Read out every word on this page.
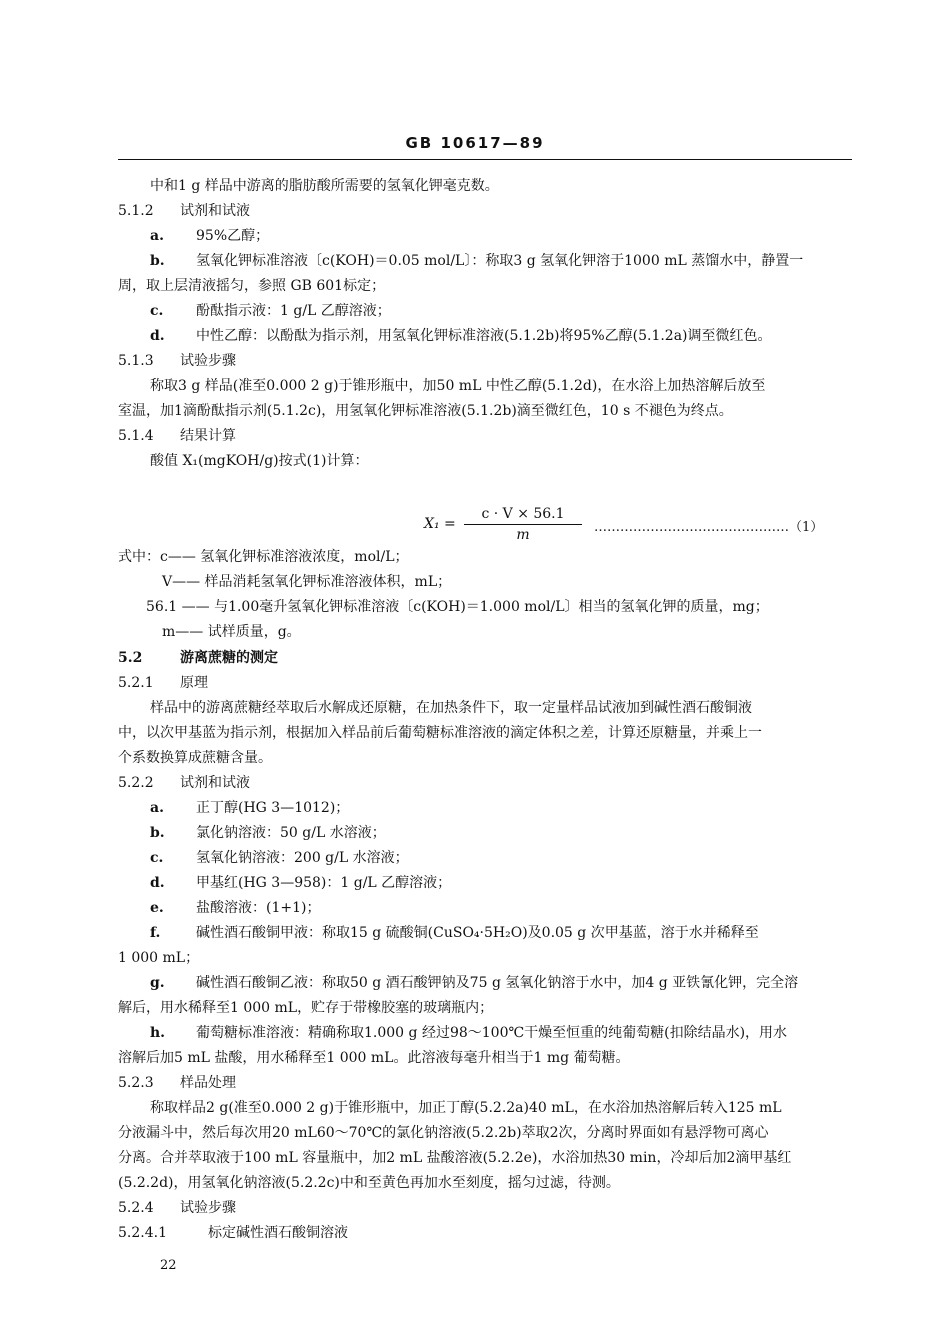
GB 10617—89
中和1 g 样品中游离的脂肪酸所需要的氢氧化钾毫克数。
5.1.2 试剂和试液
a. 95%乙醇；
b. 氢氧化钾标准溶液〔c(KOH)＝0.05 mol/L〕：称取3 g 氢氧化钾溶于1000 mL 蒸馏水中，静置一
周，取上层清液摇匀，参照 GB 601标定；
c. 酚酞指示液：1 g/L 乙醇溶液；
d. 中性乙醇：以酚酞为指示剂，用氢氧化钾标准溶液(5.1.2b)将95%乙醇(5.1.2a)调至微红色。
5.1.3 试验步骤
称取3 g 样品(准至0.000 2 g)于锥形瓶中，加50 mL 中性乙醇(5.1.2d)，在水浴上加热溶解后放至
室温，加1滴酚酞指示剂(5.1.2c)，用氢氧化钾标准溶液(5.1.2b)滴至微红色，10 s 不褪色为终点。
5.1.4 结果计算
酸值 X₁(mgKOH/g)按式(1)计算：
X₁ =
c · V × 56.1
m	………………………………………（1）
式中：c—— 氢氧化钾标准溶液浓度，mol/L；
V—— 样品消耗氢氧化钾标准溶液体积，mL；
56.1 —— 与1.00毫升氢氧化钾标准溶液〔c(KOH)＝1.000 mol/L〕相当的氢氧化钾的质量，mg；
m—— 试样质量，g。
5.2	游离蔗糖的测定
5.2.1 原理
样品中的游离蔗糖经萃取后水解成还原糖，在加热条件下，取一定量样品试液加到碱性酒石酸铜液
中，以次甲基蓝为指示剂，根据加入样品前后葡萄糖标准溶液的滴定体积之差，计算还原糖量，并乘上一
个系数换算成蔗糖含量。
5.2.2 试剂和试液
a. 正丁醇(HG 3—1012)；
b. 氯化钠溶液：50 g/L 水溶液；
c. 氢氧化钠溶液：200 g/L 水溶液；
d. 甲基红(HG 3—958)：1 g/L 乙醇溶液；
e. 盐酸溶液：(1+1)；
f.	碱性酒石酸铜甲液：称取15 g 硫酸铜(CuSO₄·5H₂O)及0.05 g 次甲基蓝，溶于水并稀释至
1 000 mL；
g. 碱性酒石酸铜乙液：称取50 g 酒石酸钾钠及75 g 氢氧化钠溶于水中，加4 g 亚铁氰化钾，完全溶
解后，用水稀释至1 000 mL，贮存于带橡胶塞的玻璃瓶内；
h. 葡萄糖标准溶液：精确称取1.000 g 经过98～100℃干燥至恒重的纯葡萄糖(扣除结晶水)，用水
溶解后加5 mL 盐酸，用水稀释至1 000 mL。此溶液每毫升相当于1 mg 葡萄糖。
5.2.3 样品处理
称取样品2 g(准至0.000 2 g)于锥形瓶中，加正丁醇(5.2.2a)40 mL，在水浴加热溶解后转入125 mL
分液漏斗中，然后每次用20 mL60～70℃的氯化钠溶液(5.2.2b)萃取2次，分离时界面如有悬浮物可离心
分离。合并萃取液于100 mL 容量瓶中，加2 mL 盐酸溶液(5.2.2e)，水浴加热30 min，冷却后加2滴甲基红
(5.2.2d)，用氢氧化钠溶液(5.2.2c)中和至黄色再加水至刻度，摇匀过滤，待测。
5.2.4 试验步骤
5.2.4.1	标定碱性酒石酸铜溶液
22
